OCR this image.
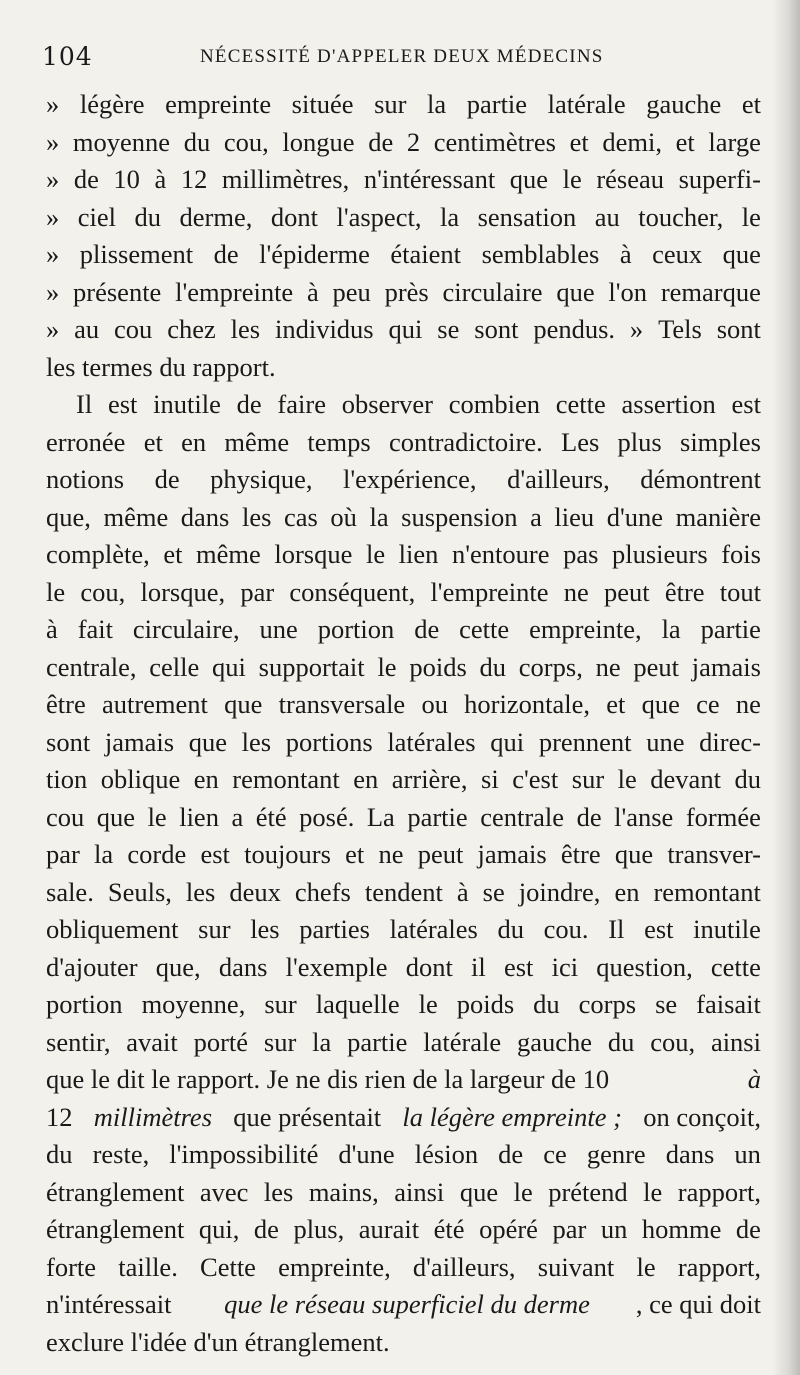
104	NÉCESSITÉ D'APPELER DEUX MÉDECINS
» légère empreinte située sur la partie latérale gauche et
» moyenne du cou, longue de 2 centimètres et demi, et large
» de 10 à 12 millimètres, n'intéressant que le réseau superfi-
» ciel du derme, dont l'aspect, la sensation au toucher, le
» plissement de l'épiderme étaient semblables à ceux que
» présente l'empreinte à peu près circulaire que l'on remarque
» au cou chez les individus qui se sont pendus. » Tels sont
les termes du rapport.
Il est inutile de faire observer combien cette assertion est
erronée et en même temps contradictoire. Les plus simples
notions de physique, l'expérience, d'ailleurs, démontrent
que, même dans les cas où la suspension a lieu d'une manière
complète, et même lorsque le lien n'entoure pas plusieurs fois
le cou, lorsque, par conséquent, l'empreinte ne peut être tout
à fait circulaire, une portion de cette empreinte, la partie
centrale, celle qui supportait le poids du corps, ne peut jamais
être autrement que transversale ou horizontale, et que ce ne
sont jamais que les portions latérales qui prennent une direc-
tion oblique en remontant en arrière, si c'est sur le devant du
cou que le lien a été posé. La partie centrale de l'anse formée
par la corde est toujours et ne peut jamais être que transver-
sale. Seuls, les deux chefs tendent à se joindre, en remontant
obliquement sur les parties latérales du cou. Il est inutile
d'ajouter que, dans l'exemple dont il est ici question, cette
portion moyenne, sur laquelle le poids du corps se faisait
sentir, avait porté sur la partie latérale gauche du cou, ainsi
que le dit le rapport. Je ne dis rien de la largeur de 10	à
12 millimètres que présentait la légère empreinte ; on conçoit,
du reste, l'impossibilité d'une lésion de ce genre dans un
étranglement avec les mains, ainsi que le prétend le rapport,
étranglement qui, de plus, aurait été opéré par un homme de
forte taille. Cette empreinte, d'ailleurs, suivant le rapport,
n'intéressait que le réseau superficiel du derme , ce qui doit
exclure l'idée d'un étranglement.
